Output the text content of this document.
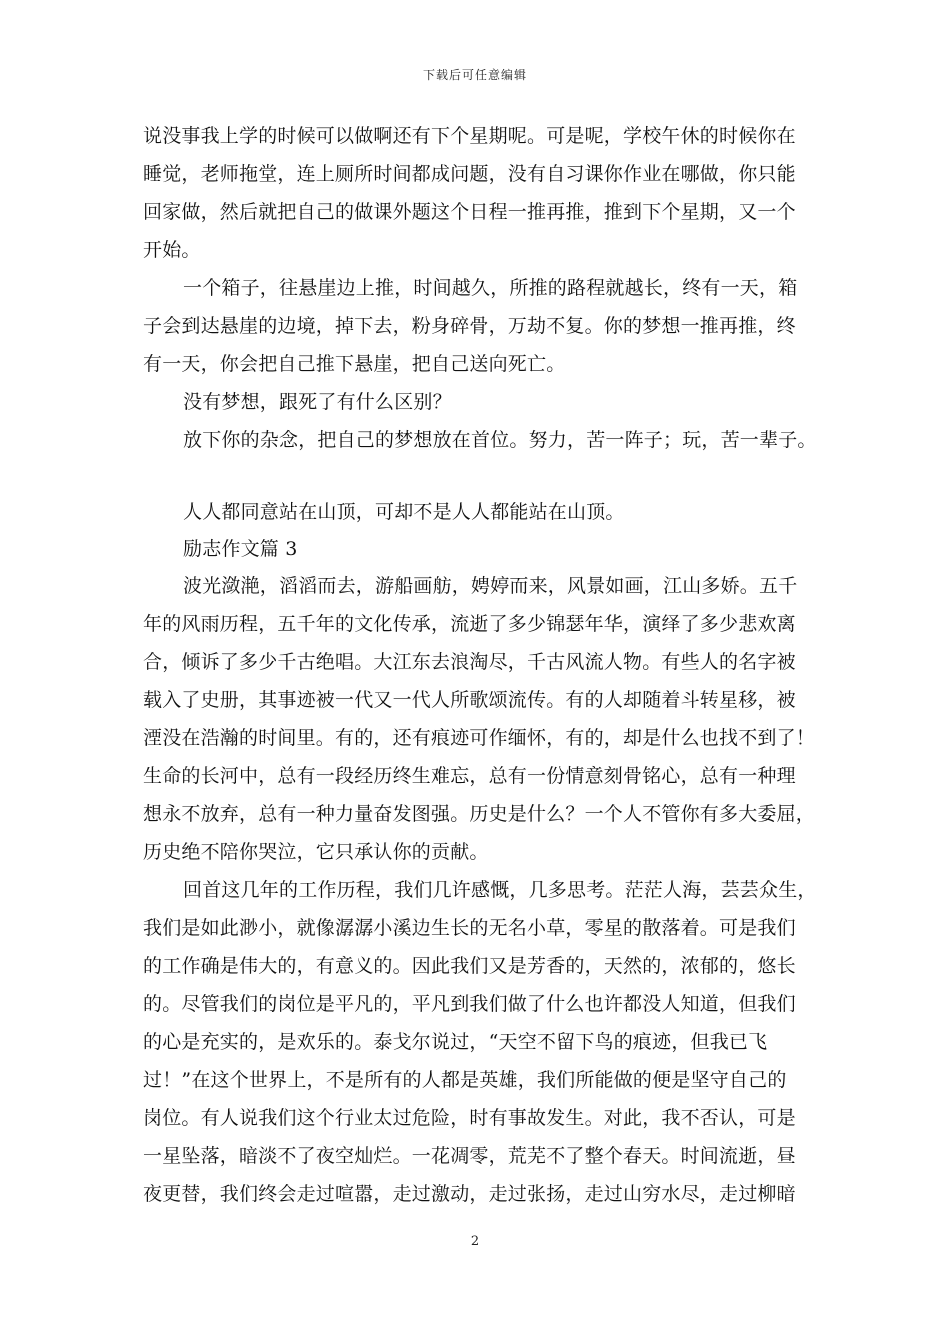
下载后可任意编辑
说没事我上学的时候可以做啊还有下个星期呢。可是呢，学校午休的时候你在
睡觉，老师拖堂，连上厕所时间都成问题，没有自习课你作业在哪做，你只能
回家做，然后就把自己的做课外题这个日程一推再推，推到下个星期，又一个
开始。
一个箱子，往悬崖边上推，时间越久，所推的路程就越长，终有一天，箱
子会到达悬崖的边境，掉下去，粉身碎骨，万劫不复。你的梦想一推再推，终
有一天，你会把自己推下悬崖，把自己送向死亡。
没有梦想，跟死了有什么区别？
放下你的杂念，把自己的梦想放在首位。努力，苦一阵子；玩，苦一辈子。
人人都同意站在山顶，可却不是人人都能站在山顶。
励志作文篇 3
波光潋滟，滔滔而去，游船画舫，娉婷而来，风景如画，江山多娇。五千
年的风雨历程，五千年的文化传承，流逝了多少锦瑟年华，演绎了多少悲欢离
合，倾诉了多少千古绝唱。大江东去浪淘尽，千古风流人物。有些人的名字被
载入了史册，其事迹被一代又一代人所歌颂流传。有的人却随着斗转星移，被
湮没在浩瀚的时间里。有的，还有痕迹可作缅怀，有的，却是什么也找不到了！
生命的长河中，总有一段经历终生难忘，总有一份情意刻骨铭心，总有一种理
想永不放弃，总有一种力量奋发图强。历史是什么？一个人不管你有多大委屈，
历史绝不陪你哭泣，它只承认你的贡献。
回首这几年的工作历程，我们几许感慨，几多思考。茫茫人海，芸芸众生，
我们是如此渺小，就像潺潺小溪边生长的无名小草，零星的散落着。可是我们
的工作确是伟大的，有意义的。因此我们又是芳香的，天然的，浓郁的，悠长
的。尽管我们的岗位是平凡的，平凡到我们做了什么也许都没人知道，但我们
的心是充实的，是欢乐的。泰戈尔说过，“天空不留下鸟的痕迹，但我已飞
过！”在这个世界上，不是所有的人都是英雄，我们所能做的便是坚守自己的
岗位。有人说我们这个行业太过危险，时有事故发生。对此，我不否认，可是
一星坠落，暗淡不了夜空灿烂。一花凋零，荒芜不了整个春天。时间流逝，昼
夜更替，我们终会走过喧嚣，走过激动，走过张扬，走过山穷水尽，走过柳暗
2
